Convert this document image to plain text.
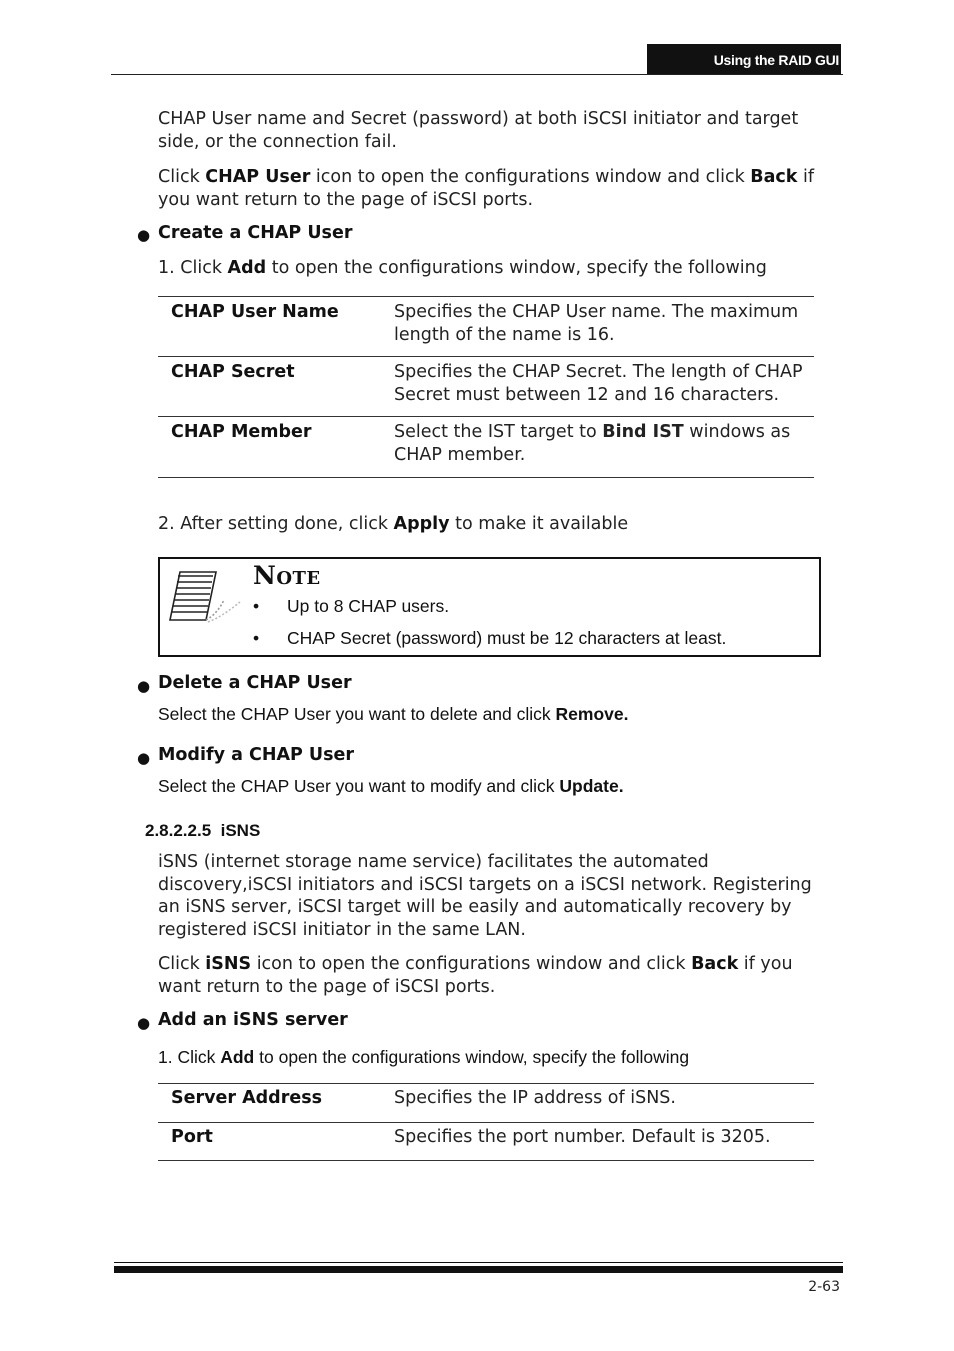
Using the RAID GUI
CHAP User name and Secret (password) at both iSCSI initiator and target side, or the connection fail.
Click CHAP User icon to open the configurations window and click Back if you want return to the page of iSCSI ports.
● Create a CHAP User
1. Click Add to open the configurations window, specify the following
CHAP User Name	Specifies the CHAP User name. The maximum length of the name is 16.
CHAP Secret	Specifies the CHAP Secret. The length of CHAP Secret must between 12 and 16 characters.
CHAP Member	Select the IST target to Bind IST windows as CHAP member.
2. After setting done, click Apply to make it available
Note
• Up to 8 CHAP users.
• CHAP Secret (password) must be 12 characters at least.
● Delete a CHAP User
Select the CHAP User you want to delete and click Remove.
● Modify a CHAP User
Select the CHAP User you want to modify and click Update.
2.8.2.2.5  iSNS
iSNS (internet storage name service) facilitates the automated discovery,iSCSI initiators and iSCSI targets on a iSCSI network. Registering an iSNS server, iSCSI target will be easily and automatically recovery by registered iSCSI initiator in the same LAN.
Click iSNS icon to open the configurations window and click Back if you want return to the page of iSCSI ports.
● Add an iSNS server
1. Click Add to open the configurations window, specify the following
Server Address	Specifies the IP address of iSNS.
Port	Specifies the port number. Default is 3205.
2-63
